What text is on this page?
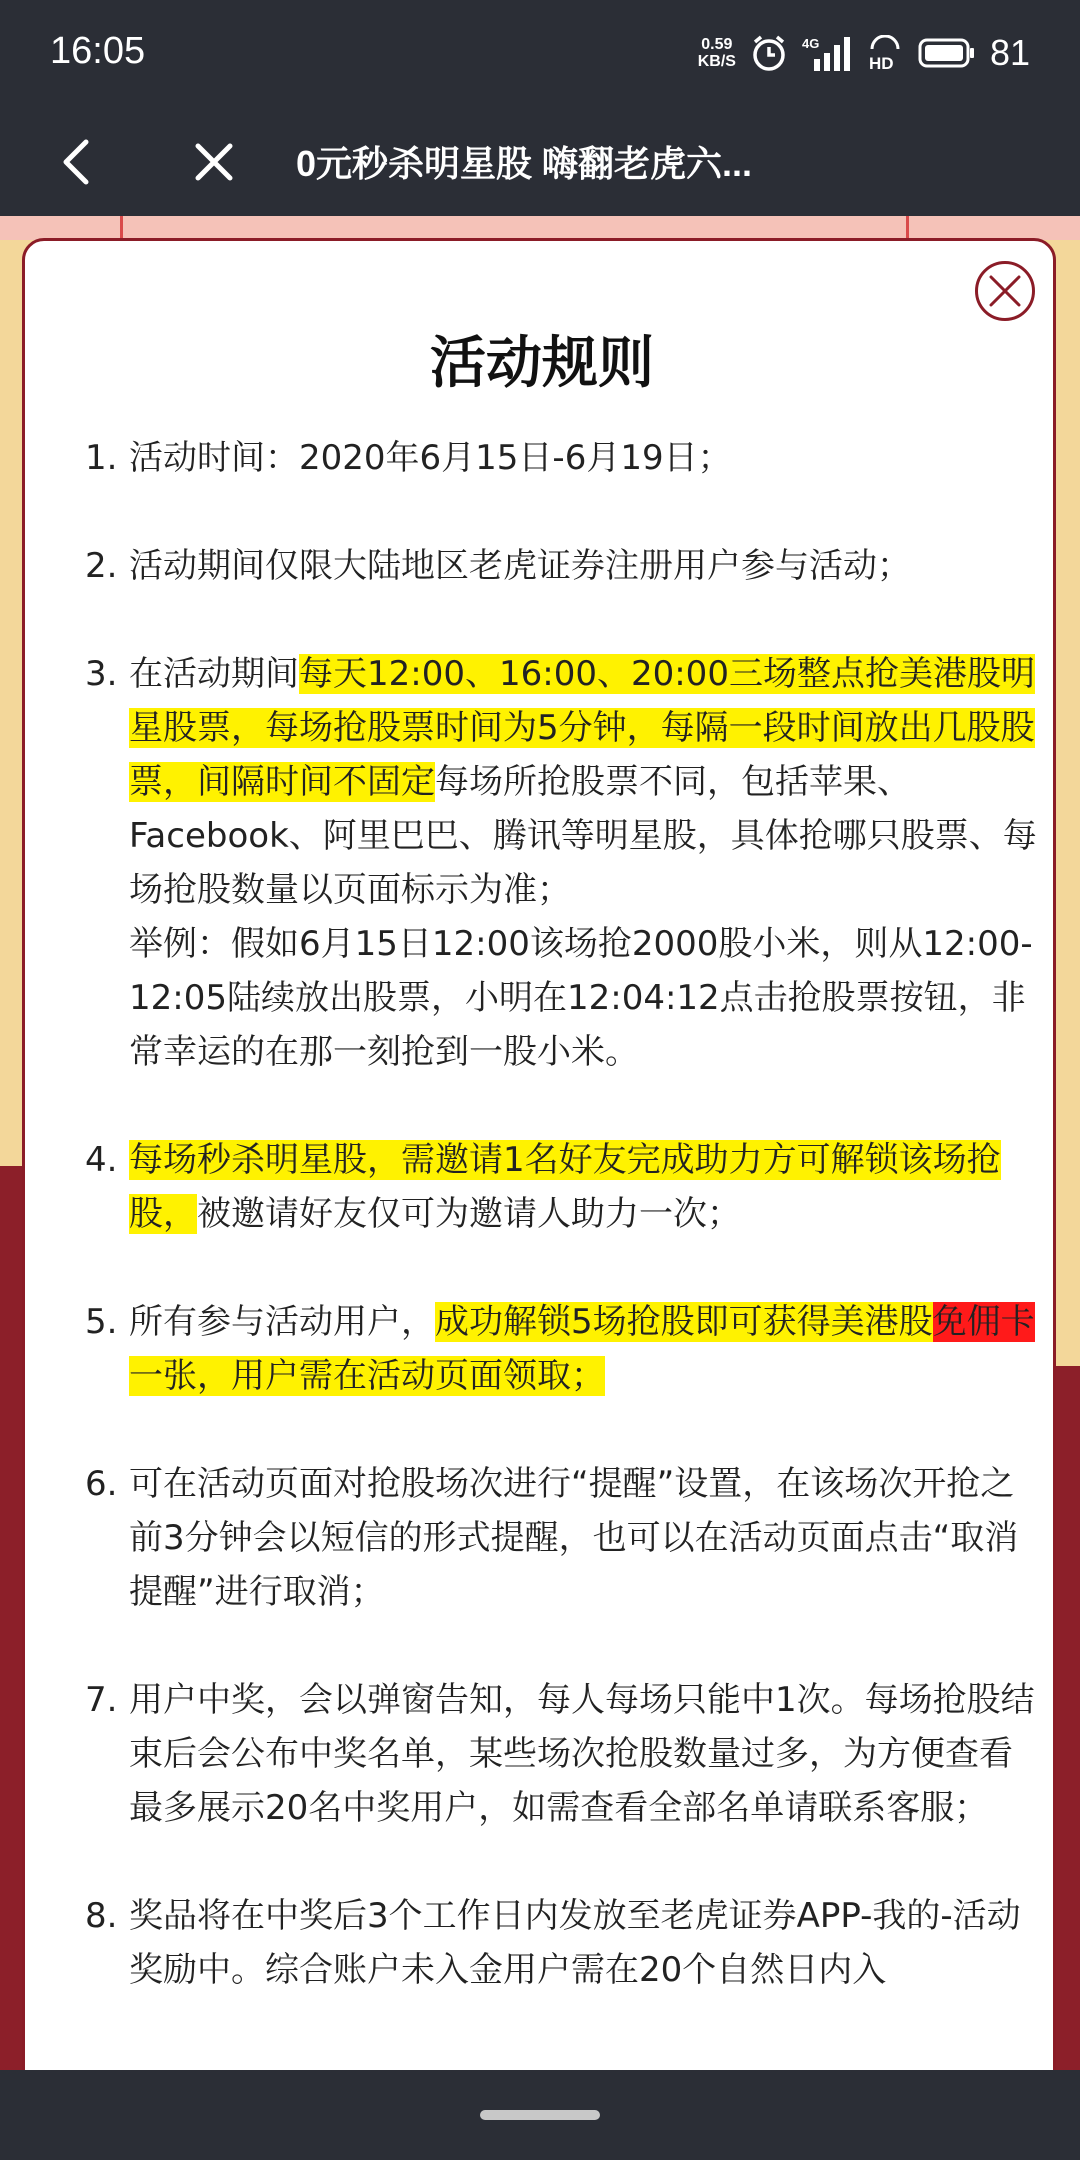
16:05	0.59
KB/S
4G
HD	81
0元秒杀明星股 嗨翻老虎六...
活动规则
1. 活动时间：2020年6月15日-6月19日；
2. 活动期间仅限大陆地区老虎证券注册用户参与活动；
3. 在活动期间每天12:00、16:00、20:00三场整点抢美港股明星股票，每场抢股票时间为5分钟，每隔一段时间放出几股股票，间隔时间不固定每场所抢股票不同，包括苹果、Facebook、阿里巴巴、腾讯等明星股，具体抢哪只股票、每场抢股数量以页面标示为准；
举例：假如6月15日12:00该场抢2000股小米，则从12:00-12:05陆续放出股票，小明在12:04:12点击抢股票按钮，非常幸运的在那一刻抢到一股小米。
4. 每场秒杀明星股，需邀请1名好友完成助力方可解锁该场抢股，被邀请好友仅可为邀请人助力一次；
5. 所有参与活动用户，成功解锁5场抢股即可获得美港股免佣卡一张，用户需在活动页面领取；
6. 可在活动页面对抢股场次进行“提醒”设置，在该场次开抢之前3分钟会以短信的形式提醒，也可以在活动页面点击“取消提醒”进行取消；
7. 用户中奖，会以弹窗告知，每人每场只能中1次。每场抢股结束后会公布中奖名单，某些场次抢股数量过多，为方便查看最多展示20名中奖用户，如需查看全部名单请联系客服；
8. 奖品将在中奖后3个工作日内发放至老虎证券APP-我的-活动奖励中。综合账户未入金用户需在20个自然日内入
